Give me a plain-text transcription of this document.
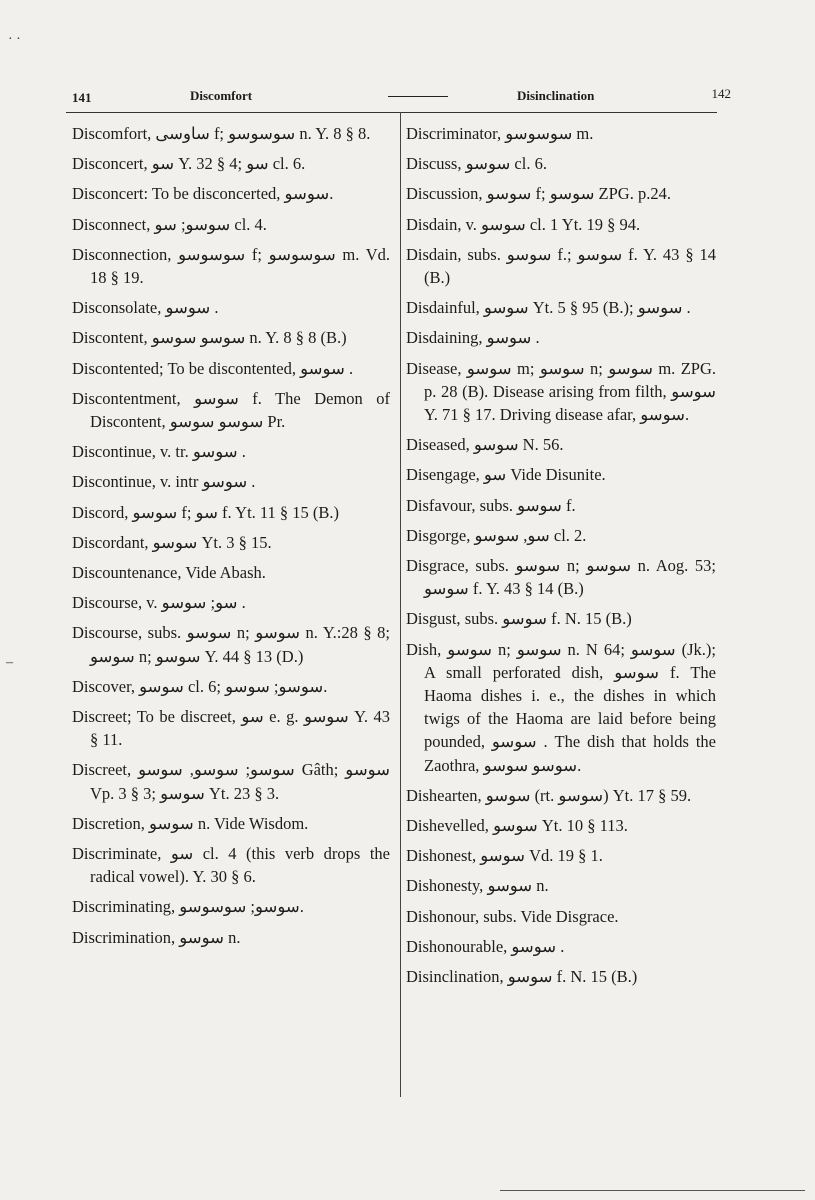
141	Discomfort	Disinclination	142
Discomfort, ساوسی f; سوسوسو n. Y. 8 § 8.
Disconcert, سو Y. 32 § 4; سو cl. 6.
Disconcert: To be disconcerted, سوسو.
Disconnect, سوسو; سو cl. 4.
Disconnection, سوسوسو f; سوسوسو m. Vd. 18 § 19.
Disconsolate, سوسو .
Discontent, سوسو سوسو n. Y. 8 § 8 (B.)
Discontented; To be discontented, سوسو .
Discontentment, سوسو f. The Demon of Discontent, سوسو سوسو Pr.
Discontinue, v. tr. سوسو .
Discontinue, v. intr سوسو .
Discord, سوسو f; سو f. Yt. 11 § 15 (B.)
Discordant, سوسو Yt. 3 § 15.
Discountenance, Vide Abash.
Discourse, v. سو; سوسو .
Discourse, subs. سوسو n; سوسو n. Y.:28 § 8; سوسو n; سوسو Y. 44 § 13 (D.)
Discover, سوسو cl. 6; سوسو; سوسو.
Discreet; To be discreet, سو e. g. سوسو Y. 43 § 11.
Discreet, سوسو; سوسو, سوسو Gâth; سوسو Vp. 3 § 3; سوسو Yt. 23 § 3.
Discretion, سوسو n. Vide Wisdom.
Discriminate, سو cl. 4 (this verb drops the radical vowel). Y. 30 § 6.
Discriminating, سوسو; سوسوسو.
Discrimination, سوسو n.
Discriminator, سوسوسو m.
Discuss, سوسو cl. 6.
Discussion, سوسو f; سوسو ZPG. p.24.
Disdain, v. سوسو cl. 1 Yt. 19 § 94.
Disdain, subs. سوسو f.; سوسو f. Y. 43 § 14 (B.)
Disdainful, سوسو Yt. 5 § 95 (B.); سوسو .
Disdaining, سوسو .
Disease, سوسو m; سوسو n; سوسو m. ZPG. p. 28 (B). Disease arising from filth, سوسو Y. 71 § 17. Driving disease afar, سوسو.
Diseased, سوسو N. 56.
Disengage, سو Vide Disunite.
Disfavour, subs. سوسو f.
Disgorge, سو, سوسو cl. 2.
Disgrace, subs. سوسو n; سوسو n. Aog. 53; سوسو f. Y. 43 § 14 (B.)
Disgust, subs. سوسو f. N. 15 (B.)
Dish, سوسو n; سوسو n. N 64; سوسو (Jk.); A small perforated dish, سوسو f. The Haoma dishes i. e., the dishes in which twigs of the Haoma are laid before being pounded, سوسو . The dish that holds the Zaothra, سوسو سوسو.
Dishearten, سوسو (rt. سوسو) Yt. 17 § 59.
Dishevelled, سوسو Yt. 10 § 113.
Dishonest, سوسو Vd. 19 § 1.
Dishonesty, سوسو n.
Dishonour, subs. Vide Disgrace.
Dishonourable, سوسو .
Disinclination, سوسو f. N. 15 (B.)
· ·
–
